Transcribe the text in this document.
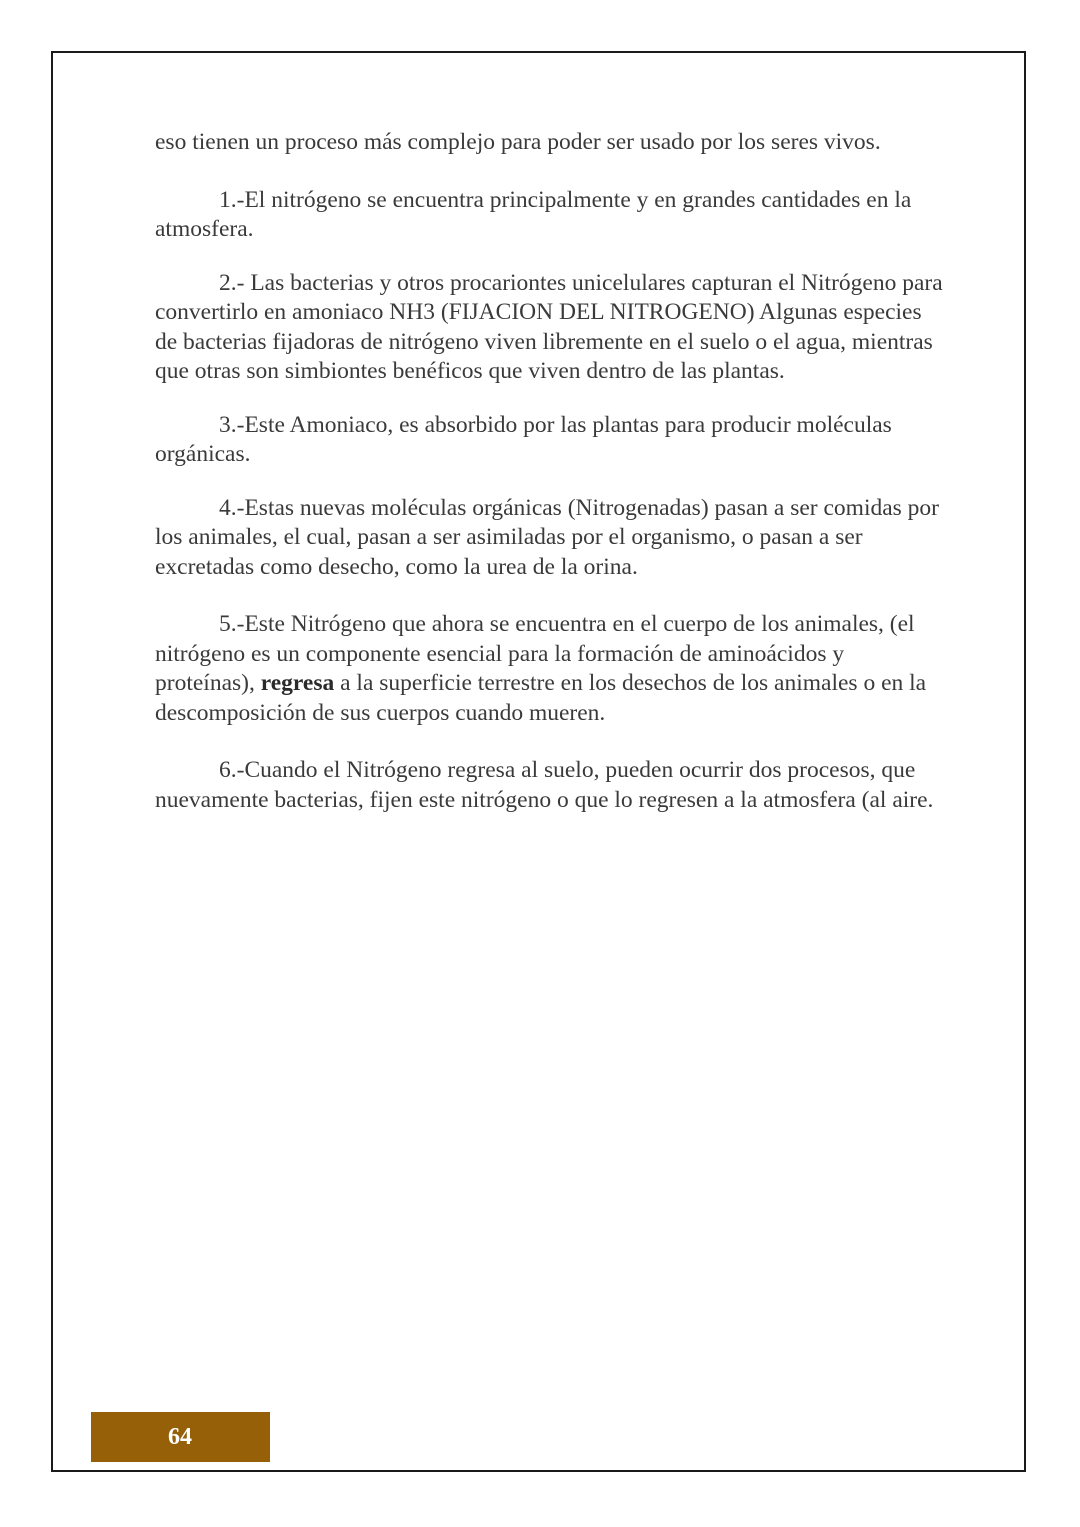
eso tienen un proceso más complejo para poder ser usado por los seres vivos.

1.-El nitrógeno se encuentra principalmente y en grandes cantidades en la atmosfera.

2.- Las bacterias y otros procariontes unicelulares capturan el Nitrógeno para convertirlo en amoniaco NH3 (FIJACION DEL NITROGENO) Algunas especies de bacterias fijadoras de nitrógeno viven libremente en el suelo o el agua, mientras que otras son simbiontes benéficos que viven dentro de las plantas.

3.-Este Amoniaco, es absorbido por las plantas para producir moléculas orgánicas.

4.-Estas nuevas moléculas orgánicas (Nitrogenadas) pasan a ser comidas por los animales, el cual, pasan a ser asimiladas por el organismo, o pasan a ser excretadas como desecho, como la urea de la orina.

5.-Este Nitrógeno que ahora se encuentra en el cuerpo de los animales, (el nitrógeno es un componente esencial para la formación de aminoácidos y proteínas), regresa a la superficie terrestre en los desechos de los animales o en la descomposición de sus cuerpos cuando mueren.

6.-Cuando el Nitrógeno regresa al suelo, pueden ocurrir dos procesos, que nuevamente bacterias, fijen este nitrógeno o que lo regresen a la atmosfera (al aire.

64
